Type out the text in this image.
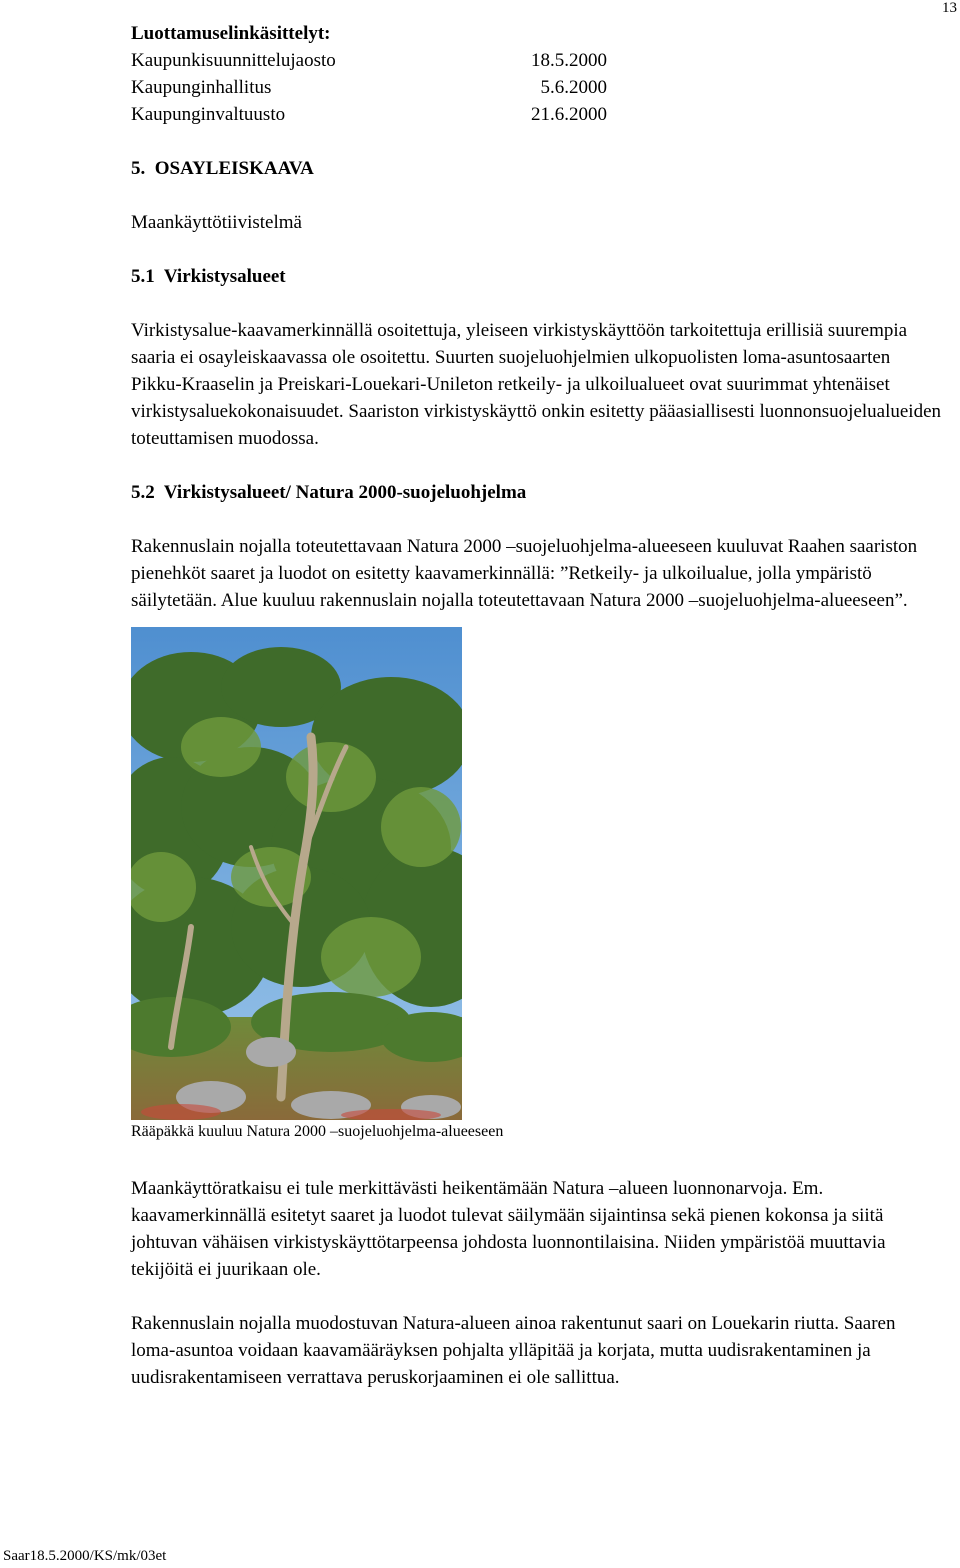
13
Luottamuselinkäsittelyt:
Kaupunkisuunnittelujaosto	18.5.2000
Kaupunginhallitus	5.6.2000
Kaupunginvaltuusto	21.6.2000
5.  OSAYLEISKAAVA
Maankäyttötiivistelmä
5.1  Virkistysalueet

Virkistysalue-kaavamerkinnällä osoitettuja, yleiseen virkistyskäyttöön tarkoitettuja erillisiä suurempia saaria ei osayleiskaavassa ole osoitettu. Suurten suojeluohjelmien ulkopuolisten loma-asuntosaarten Pikku-Kraaselin ja Preiskari-Louekari-Unileton retkeily- ja ulkoilualueet ovat suurimmat yhtenäiset virkistysaluekokonaisuudet. Saariston virkistyskäyttö onkin esitetty pääasiallisesti luonnonsuojelualueiden toteuttamisen muodossa.

5.2  Virkistysalueet/ Natura 2000-suojeluohjelma

Rakennuslain nojalla toteutettavaan Natura 2000 –suojeluohjelma-alueeseen kuuluvat Raahen saariston pienehköt saaret ja luodot on esitetty kaavamerkinnällä: ”Retkeily- ja ulkoilualue, jolla ympäristö säilytetään. Alue kuuluu rakennuslain nojalla toteutettavaan Natura 2000 –suojeluohjelma-alueeseen”.

Rääpäkkä kuuluu Natura 2000 –suojeluohjelma-alueeseen

Maankäyttöratkaisu ei tule merkittävästi heikentämään Natura –alueen luonnonarvoja. Em. kaavamerkinnällä esitetyt saaret ja luodot tulevat säilymään sijaintinsa sekä pienen kokonsa ja siitä johtuvan vähäisen virkistyskäyttötarpeensa johdosta luonnontilaisina. Niiden ympäristöä muuttavia tekijöitä ei juurikaan ole.

Rakennuslain nojalla muodostuvan Natura-alueen ainoa rakentunut saari on Louekarin riutta. Saaren loma-asuntoa voidaan kaavamääräyksen pohjalta ylläpitää ja korjata, mutta uudisrakentaminen ja uudisrakentamiseen verrattava peruskorjaaminen ei ole sallittua.

Saar18.5.2000/KS/mk/03et
